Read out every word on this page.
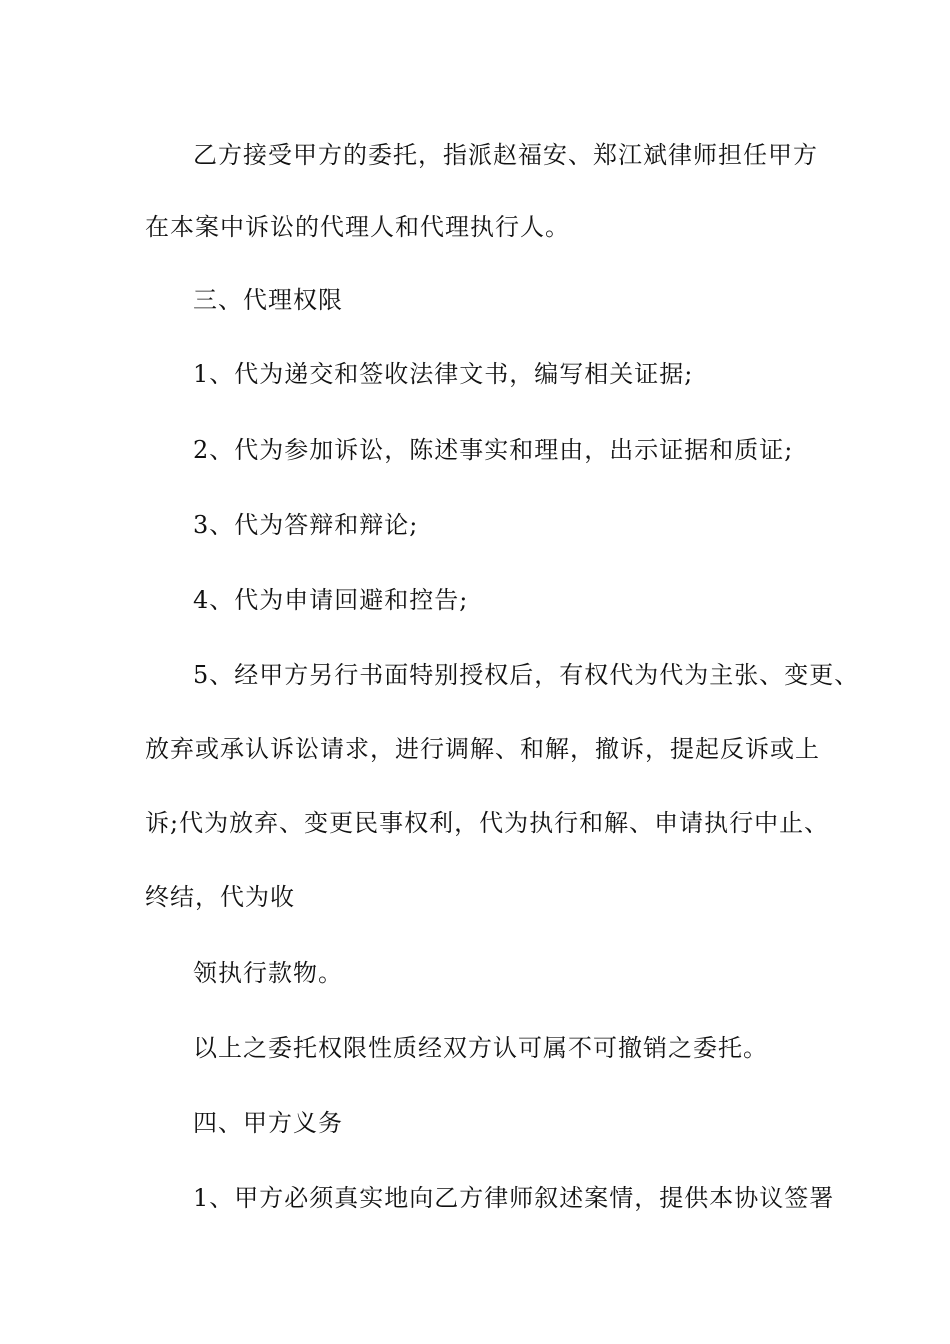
乙方接受甲方的委托，指派赵福安、郑江斌律师担任甲方
在本案中诉讼的代理人和代理执行人。
三、代理权限
1、代为递交和签收法律文书，编写相关证据;
2、代为参加诉讼，陈述事实和理由，出示证据和质证;
3、代为答辩和辩论;
4、代为申请回避和控告;
5、经甲方另行书面特别授权后，有权代为代为主张、变更、
放弃或承认诉讼请求，进行调解、和解，撤诉，提起反诉或上
诉;代为放弃、变更民事权利，代为执行和解、申请执行中止、
终结，代为收
领执行款物。
以上之委托权限性质经双方认可属不可撤销之委托。
四、甲方义务
1、甲方必须真实地向乙方律师叙述案情，提供本协议签署
